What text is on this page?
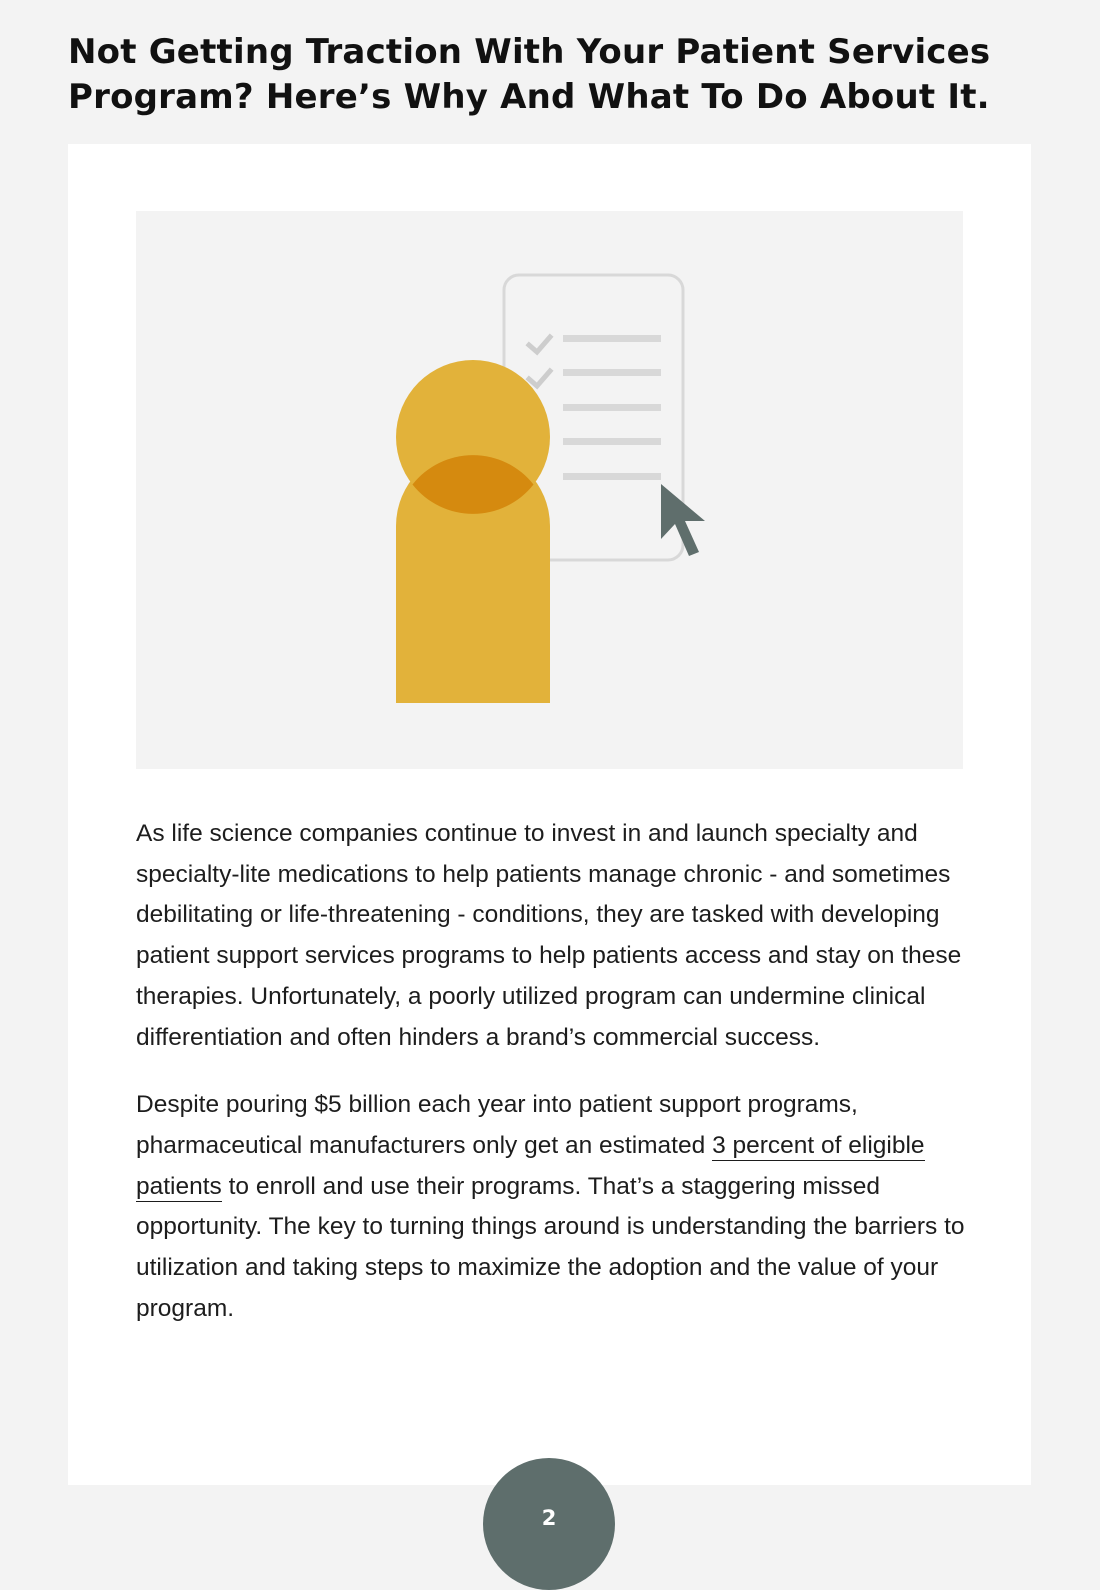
Not Getting Traction With Your Patient Services Program? Here’s Why And What To Do About It.

As life science companies continue to invest in and launch specialty and specialty-lite medications to help patients manage chronic - and sometimes debilitating or life-threatening - conditions, they are tasked with developing patient support services programs to help patients access and stay on these therapies. Unfortunately, a poorly utilized program can undermine clinical differentiation and often hinders a brand’s commercial success.

Despite pouring $5 billion each year into patient support programs, pharmaceutical manufacturers only get an estimated 3 percent of eligible patients to enroll and use their programs. That’s a staggering missed opportunity. The key to turning things around is understanding the barriers to utilization and taking steps to maximize the adoption and the value of your program.

2
